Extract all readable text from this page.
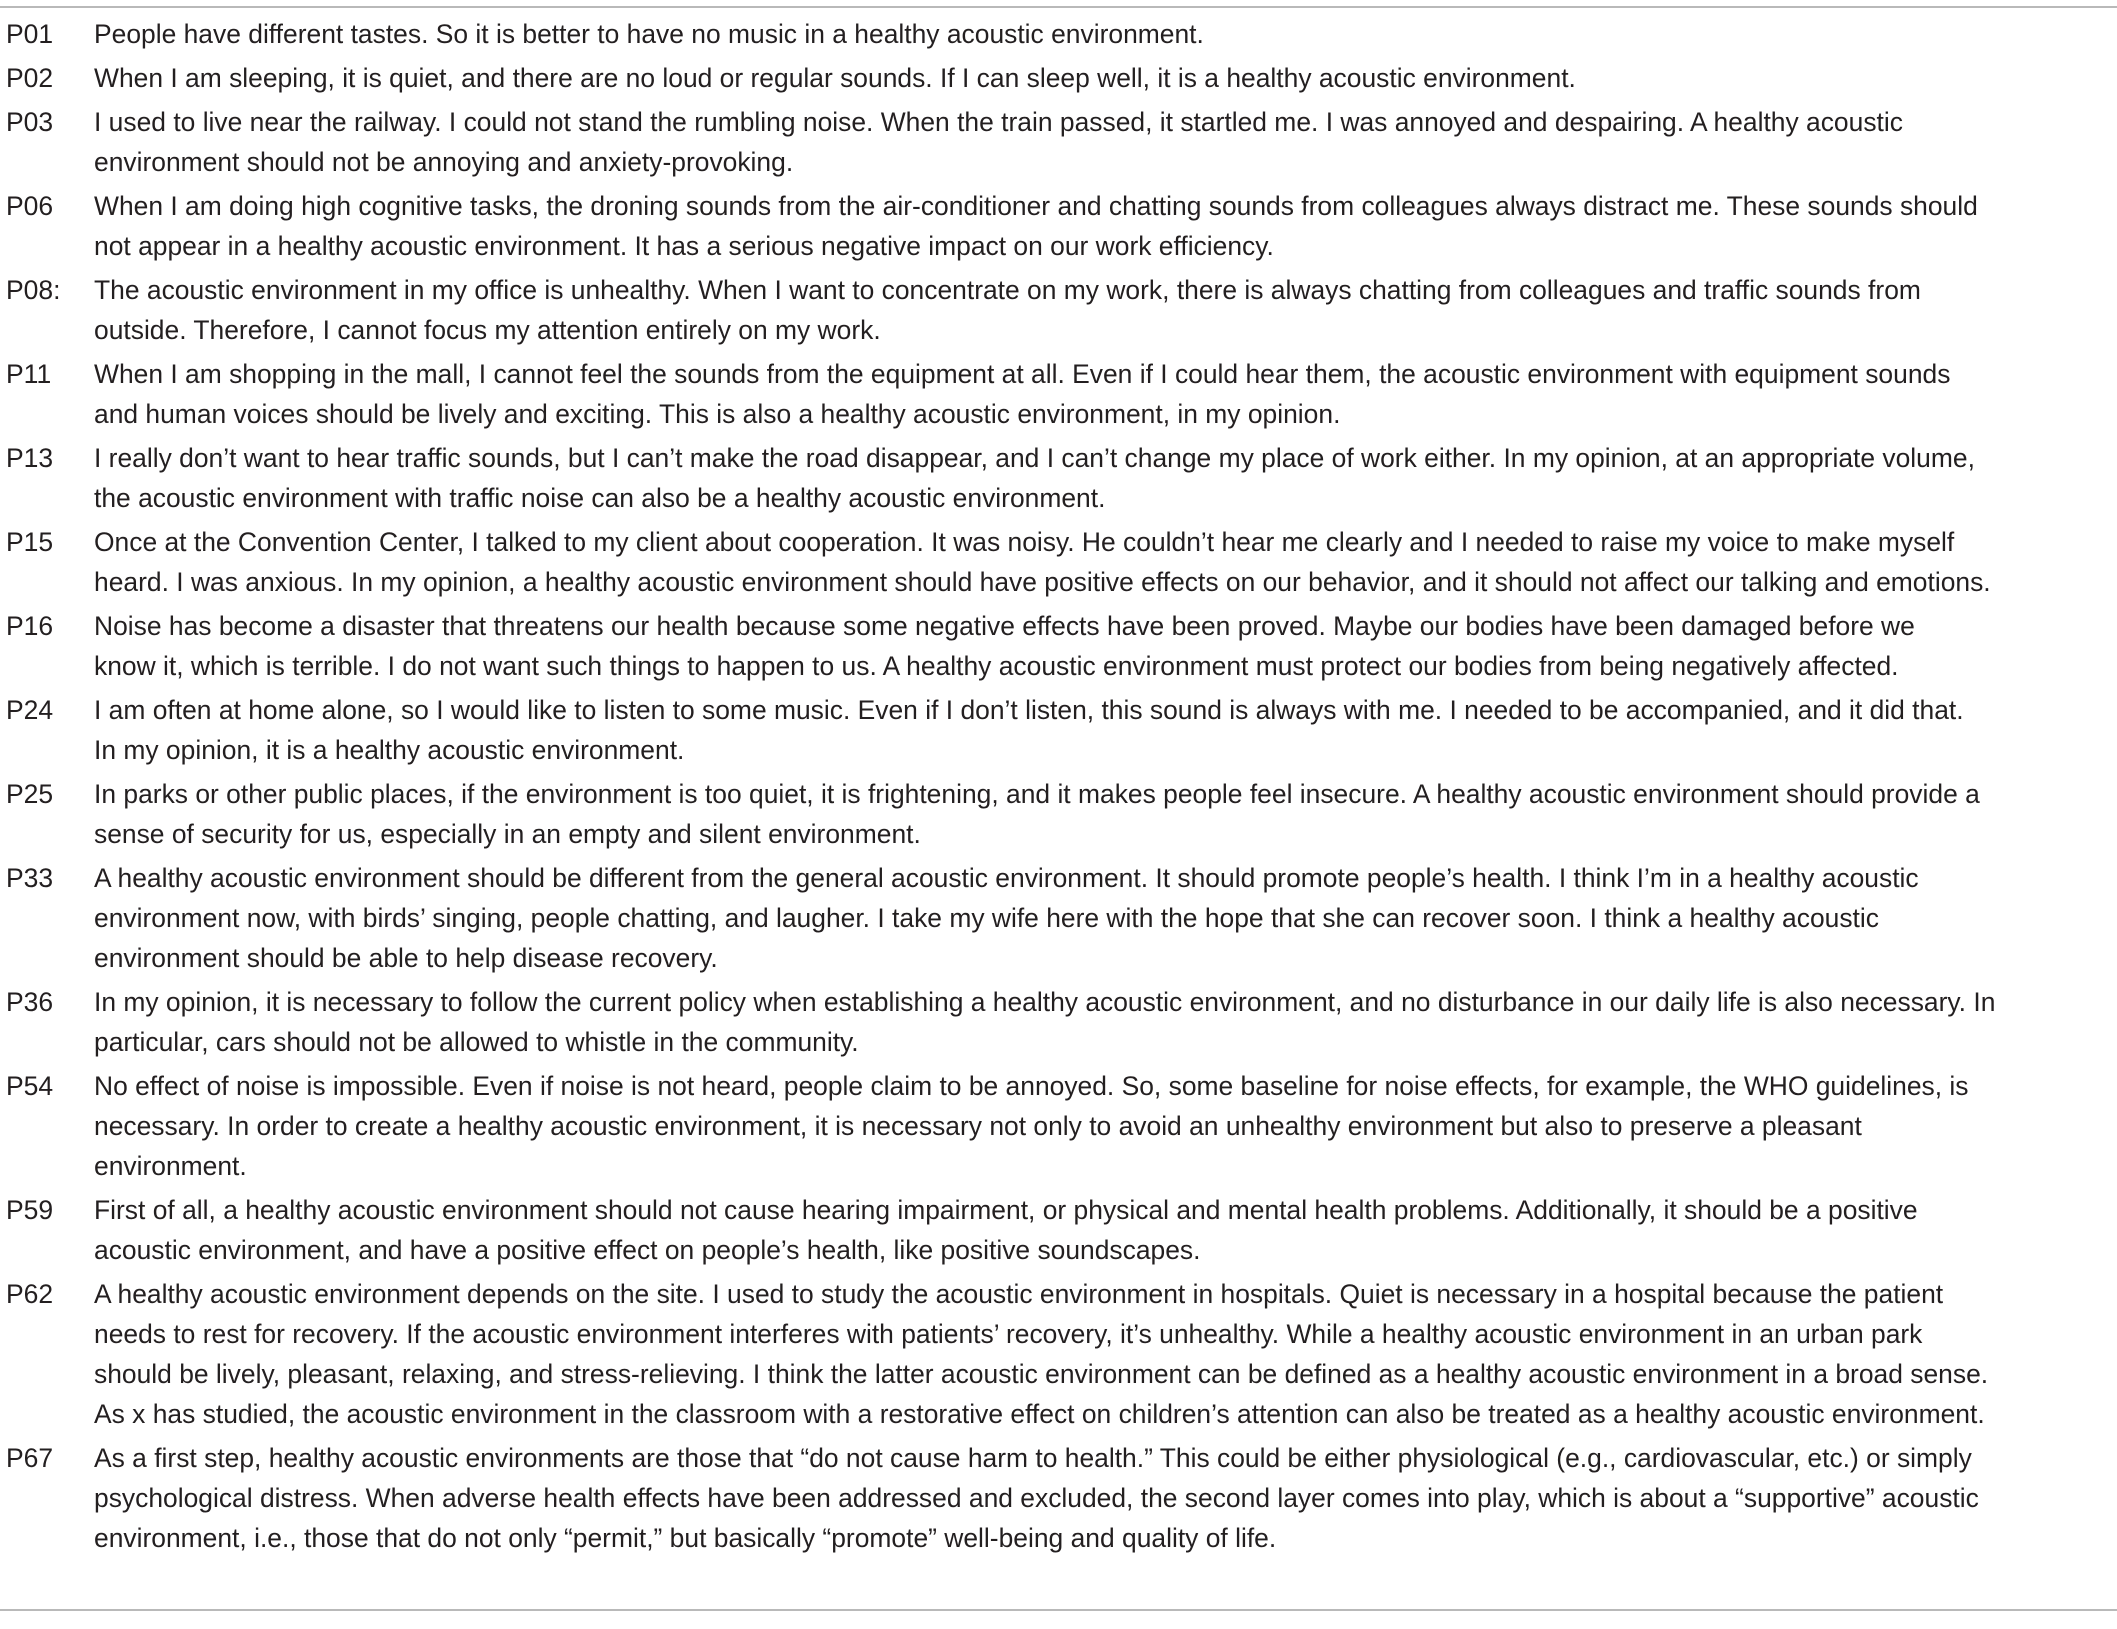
P01	People have different tastes. So it is better to have no music in a healthy acoustic environment.
P02	When I am sleeping, it is quiet, and there are no loud or regular sounds. If I can sleep well, it is a healthy acoustic environment.
P03	I used to live near the railway. I could not stand the rumbling noise. When the train passed, it startled me. I was annoyed and despairing. A healthy acoustic
environment should not be annoying and anxiety-provoking.
P06	When I am doing high cognitive tasks, the droning sounds from the air-conditioner and chatting sounds from colleagues always distract me. These sounds should
not appear in a healthy acoustic environment. It has a serious negative impact on our work efficiency.
P08:	The acoustic environment in my office is unhealthy. When I want to concentrate on my work, there is always chatting from colleagues and traffic sounds from
outside. Therefore, I cannot focus my attention entirely on my work.
P11	When I am shopping in the mall, I cannot feel the sounds from the equipment at all. Even if I could hear them, the acoustic environment with equipment sounds
and human voices should be lively and exciting. This is also a healthy acoustic environment, in my opinion.
P13	I really don’t want to hear traffic sounds, but I can’t make the road disappear, and I can’t change my place of work either. In my opinion, at an appropriate volume,
the acoustic environment with traffic noise can also be a healthy acoustic environment.
P15	Once at the Convention Center, I talked to my client about cooperation. It was noisy. He couldn’t hear me clearly and I needed to raise my voice to make myself
heard. I was anxious. In my opinion, a healthy acoustic environment should have positive effects on our behavior, and it should not affect our talking and emotions.
P16	Noise has become a disaster that threatens our health because some negative effects have been proved. Maybe our bodies have been damaged before we
know it, which is terrible. I do not want such things to happen to us. A healthy acoustic environment must protect our bodies from being negatively affected.
P24	I am often at home alone, so I would like to listen to some music. Even if I don’t listen, this sound is always with me. I needed to be accompanied, and it did that.
In my opinion, it is a healthy acoustic environment.
P25	In parks or other public places, if the environment is too quiet, it is frightening, and it makes people feel insecure. A healthy acoustic environment should provide a
sense of security for us, especially in an empty and silent environment.
P33	A healthy acoustic environment should be different from the general acoustic environment. It should promote people’s health. I think I’m in a healthy acoustic
environment now, with birds’ singing, people chatting, and laugher. I take my wife here with the hope that she can recover soon. I think a healthy acoustic
environment should be able to help disease recovery.
P36	In my opinion, it is necessary to follow the current policy when establishing a healthy acoustic environment, and no disturbance in our daily life is also necessary. In
particular, cars should not be allowed to whistle in the community.
P54	No effect of noise is impossible. Even if noise is not heard, people claim to be annoyed. So, some baseline for noise effects, for example, the WHO guidelines, is
necessary. In order to create a healthy acoustic environment, it is necessary not only to avoid an unhealthy environment but also to preserve a pleasant
environment.
P59	First of all, a healthy acoustic environment should not cause hearing impairment, or physical and mental health problems. Additionally, it should be a positive
acoustic environment, and have a positive effect on people’s health, like positive soundscapes.
P62	A healthy acoustic environment depends on the site. I used to study the acoustic environment in hospitals. Quiet is necessary in a hospital because the patient
needs to rest for recovery. If the acoustic environment interferes with patients’ recovery, it’s unhealthy. While a healthy acoustic environment in an urban park
should be lively, pleasant, relaxing, and stress-relieving. I think the latter acoustic environment can be defined as a healthy acoustic environment in a broad sense.
As x has studied, the acoustic environment in the classroom with a restorative effect on children’s attention can also be treated as a healthy acoustic environment.
P67	As a first step, healthy acoustic environments are those that “do not cause harm to health.” This could be either physiological (e.g., cardiovascular, etc.) or simply
psychological distress. When adverse health effects have been addressed and excluded, the second layer comes into play, which is about a “supportive” acoustic
environment, i.e., those that do not only “permit,” but basically “promote” well-being and quality of life.
